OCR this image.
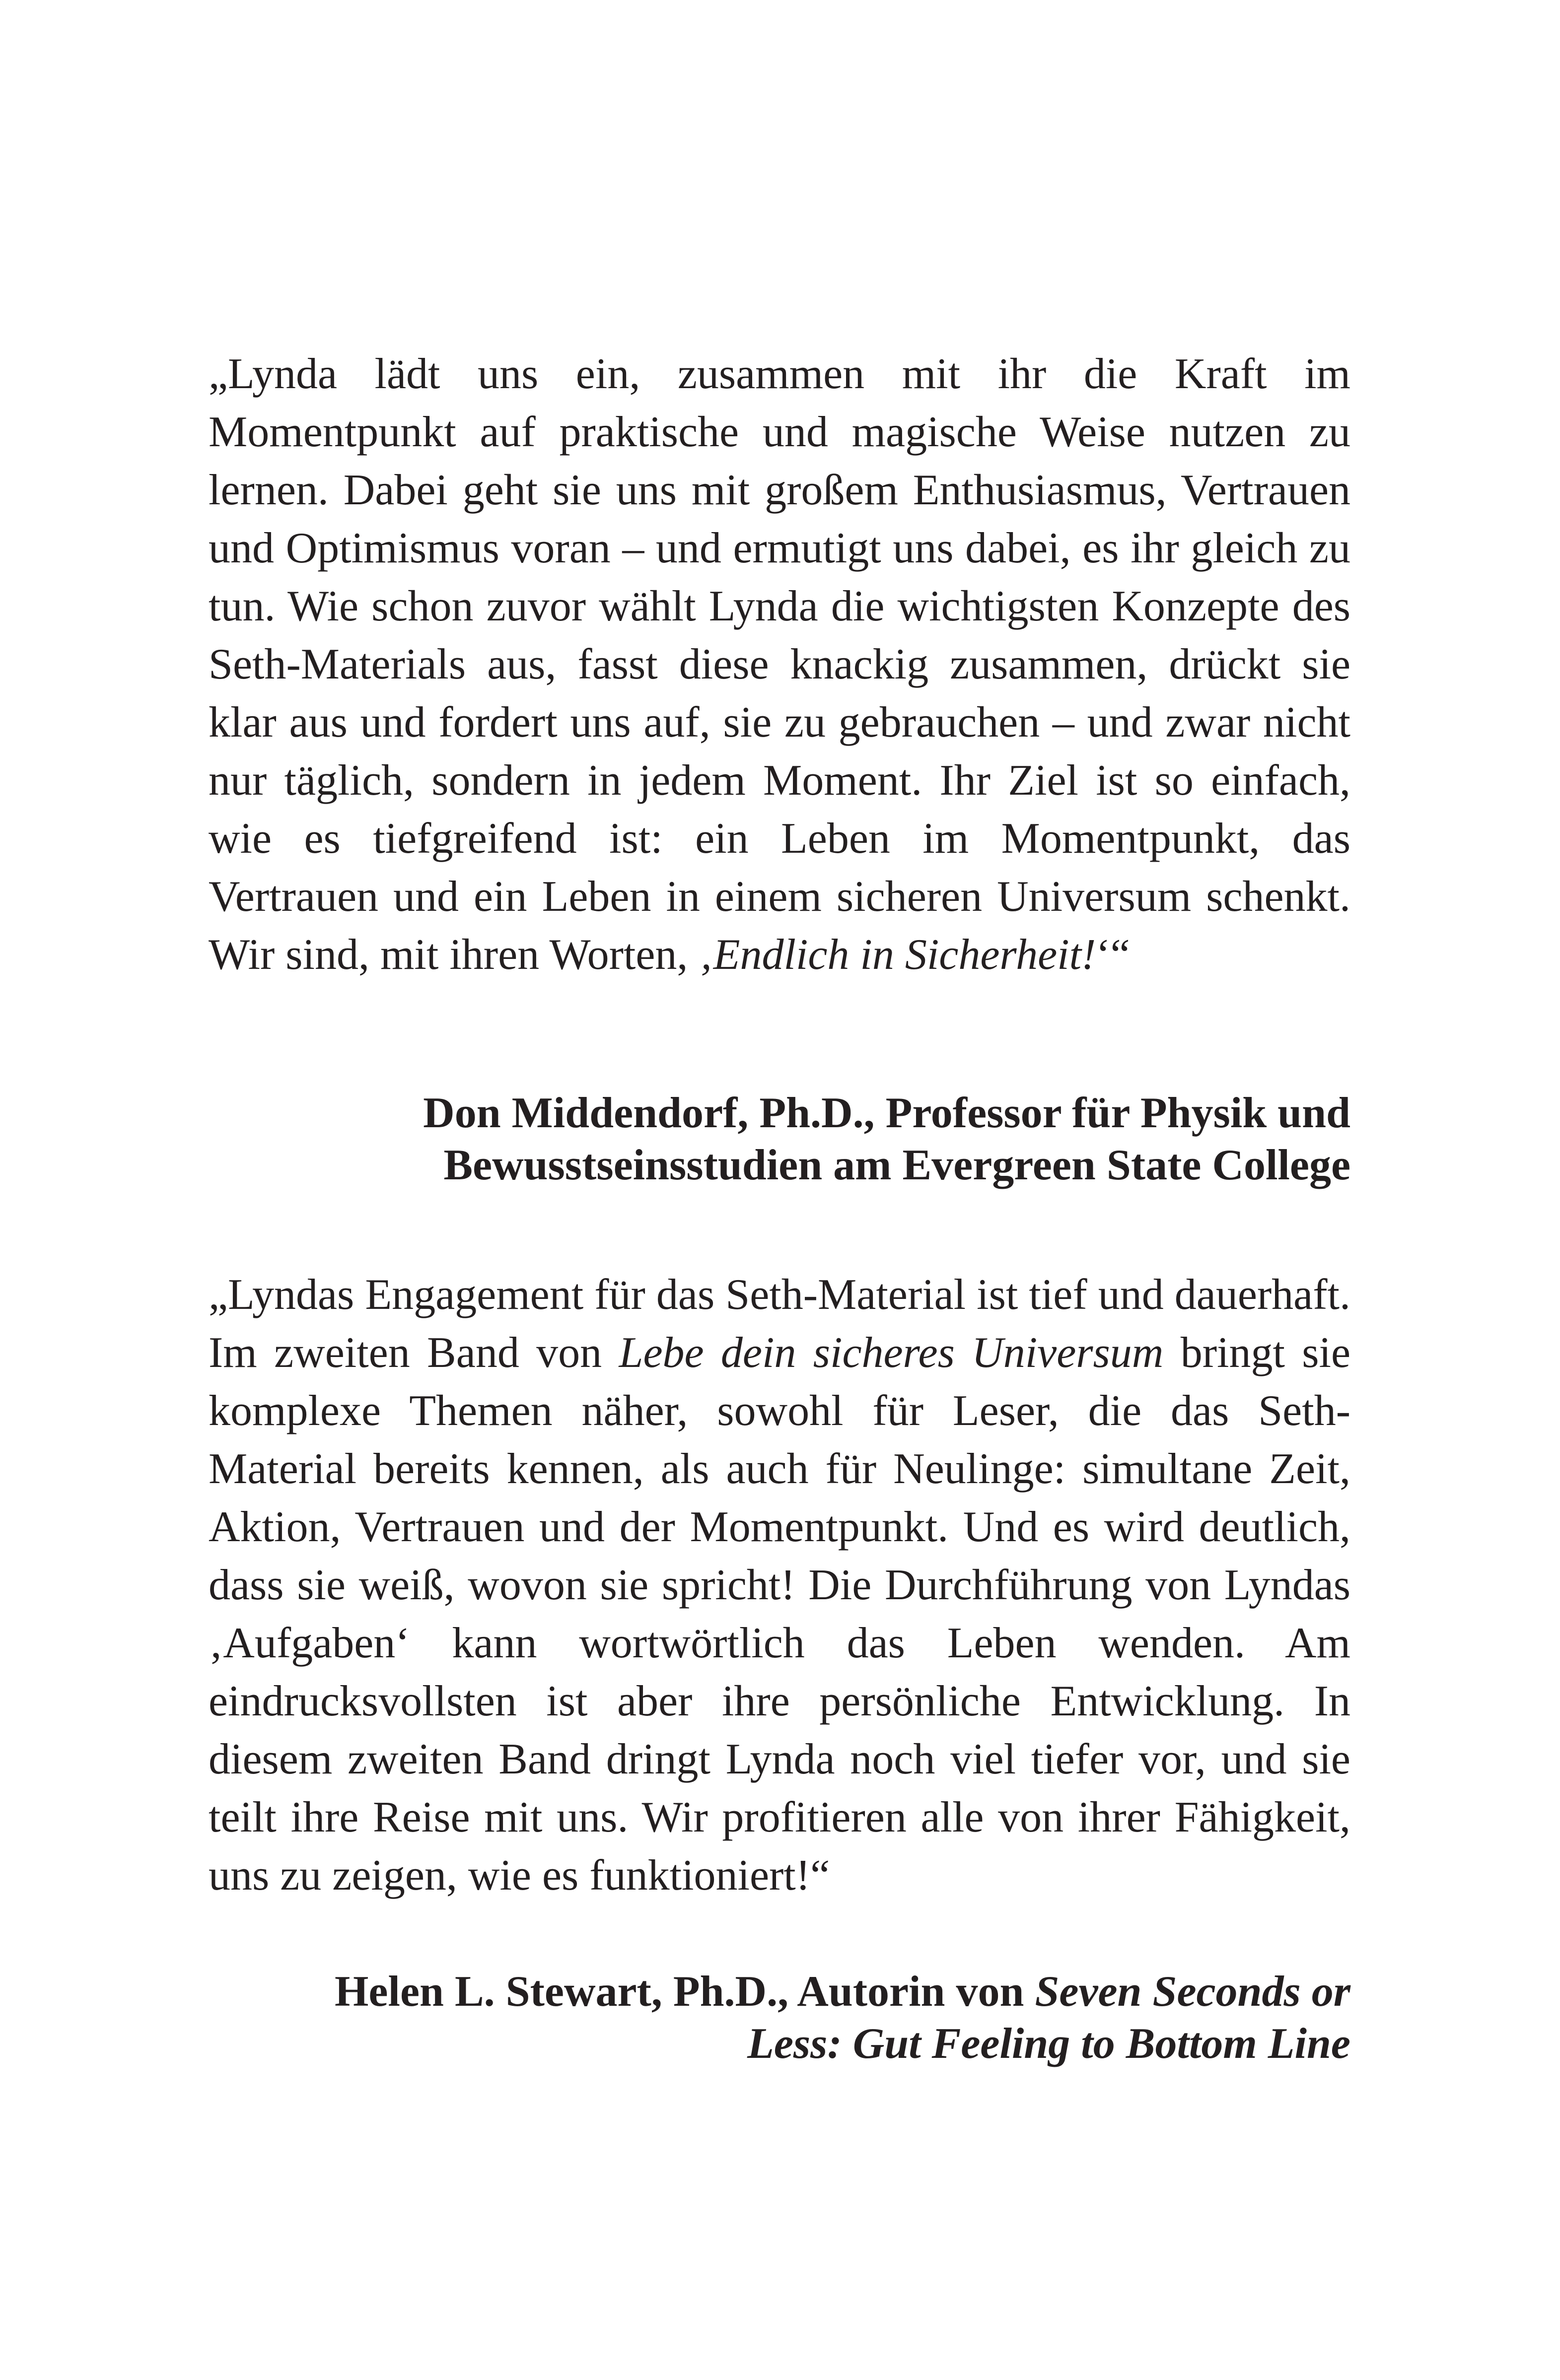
„Lynda lädt uns ein, zusammen mit ihr die Kraft im Momentpunkt auf praktische und magische Weise nutzen zu lernen. Dabei geht sie uns mit großem Enthusiasmus, Vertrauen und Optimismus voran – und ermutigt uns dabei, es ihr gleich zu tun. Wie schon zuvor wählt Lynda die wichtigsten Konzepte des Seth-Materials aus, fasst diese knackig zusammen, drückt sie klar aus und fordert uns auf, sie zu gebrauchen – und zwar nicht nur täglich, sondern in jedem Moment. Ihr Ziel ist so einfach, wie es tiefgreifend ist: ein Leben im Momentpunkt, das Vertrauen und ein Leben in einem sicheren Universum schenkt. Wir sind, mit ihren Worten, ‚Endlich in Sicherheit!‘“

Don Middendorf, Ph.D., Professor für Physik und
Bewusstseinsstudien am Evergreen State College

„Lyndas Engagement für das Seth-Material ist tief und dauerhaft. Im zweiten Band von Lebe dein sicheres Universum bringt sie komplexe Themen näher, sowohl für Leser, die das Seth-Material bereits kennen, als auch für Neulinge: simultane Zeit, Aktion, Vertrauen und der Momentpunkt. Und es wird deutlich, dass sie weiß, wovon sie spricht! Die Durchführung von Lyndas ‚Aufgaben‘ kann wortwörtlich das Leben wenden. Am eindrucksvollsten ist aber ihre persönliche Entwicklung. In diesem zweiten Band dringt Lynda noch viel tiefer vor, und sie teilt ihre Reise mit uns. Wir profitieren alle von ihrer Fähigkeit, uns zu zeigen, wie es funktioniert!“

Helen L. Stewart, Ph.D., Autorin von Seven Seconds or
Less: Gut Feeling to Bottom Line
